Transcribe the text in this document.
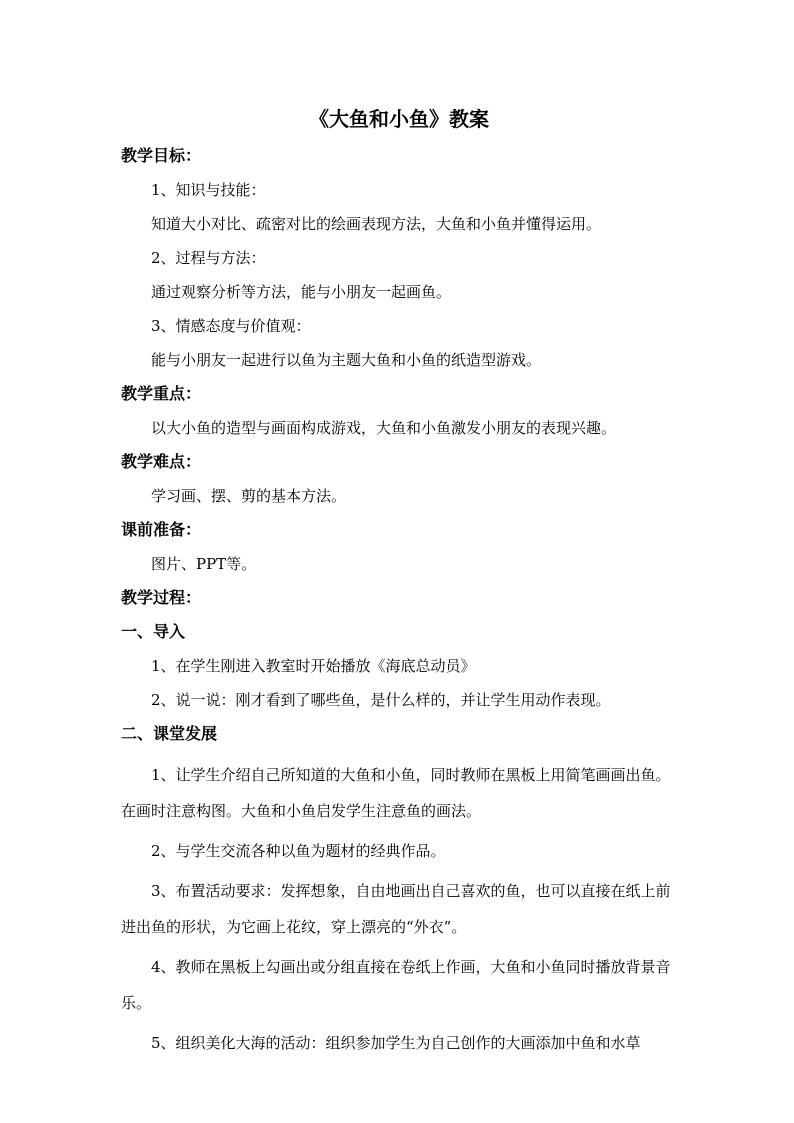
《大鱼和小鱼》教案
教学目标：
1、知识与技能：
知道大小对比、疏密对比的绘画表现方法，大鱼和小鱼并懂得运用。
2、过程与方法：
通过观察分析等方法，能与小朋友一起画鱼。
3、情感态度与价值观：
能与小朋友一起进行以鱼为主题大鱼和小鱼的纸造型游戏。
教学重点：
以大小鱼的造型与画面构成游戏，大鱼和小鱼激发小朋友的表现兴趣。
教学难点：
学习画、摆、剪的基本方法。
课前准备：
图片、PPT等。
教学过程：
一、导入
1、在学生刚进入教室时开始播放《海底总动员》
2、说一说：刚才看到了哪些鱼，是什么样的，并让学生用动作表现。
二、课堂发展
1、让学生介绍自己所知道的大鱼和小鱼，同时教师在黑板上用简笔画画出鱼。在画时注意构图。大鱼和小鱼启发学生注意鱼的画法。
2、与学生交流各种以鱼为题材的经典作品。
3、布置活动要求：发挥想象，自由地画出自己喜欢的鱼，也可以直接在纸上前进出鱼的形状，为它画上花纹，穿上漂亮的“外衣”。
4、教师在黑板上勾画出或分组直接在卷纸上作画，大鱼和小鱼同时播放背景音乐。
5、组织美化大海的活动：组织参加学生为自己创作的大画添加中鱼和水草
